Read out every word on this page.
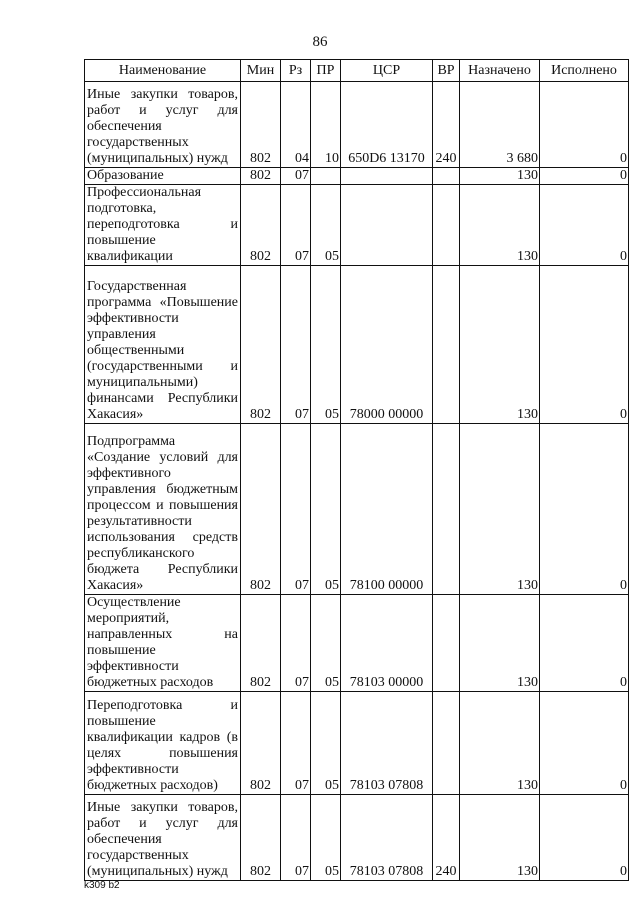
86
Наименование	Мин	Рз	ПР	ЦСР	ВР	Назначено	Исполнено
Иные закупки товаров, работ и услуг для обеспечения государственных (муниципальных) нужд	802	04	10	650D6 13170	240	3 680	0
Образование	802	07				130	0
Профессиональная подготовка, переподготовка и повышение квалификации	802	07	05			130	0
Государственная программа «Повышение эффективности управления общественными (государственными и муниципальными) финансами Республики Хакасия»	802	07	05	78000 00000		130	0
Подпрограмма «Создание условий для эффективного управления бюджетным процессом и повышения результативности использования средств республиканского бюджета Республики Хакасия»	802	07	05	78100 00000		130	0
Осуществление мероприятий, направленных на повышение эффективности бюджетных расходов	802	07	05	78103 00000		130	0
Переподготовка и повышение квалификации кадров (в целях повышения эффективности бюджетных расходов)	802	07	05	78103 07808		130	0
Иные закупки товаров, работ и услуг для обеспечения государственных (муниципальных) нужд	802	07	05	78103 07808	240	130	0
k309 b2
